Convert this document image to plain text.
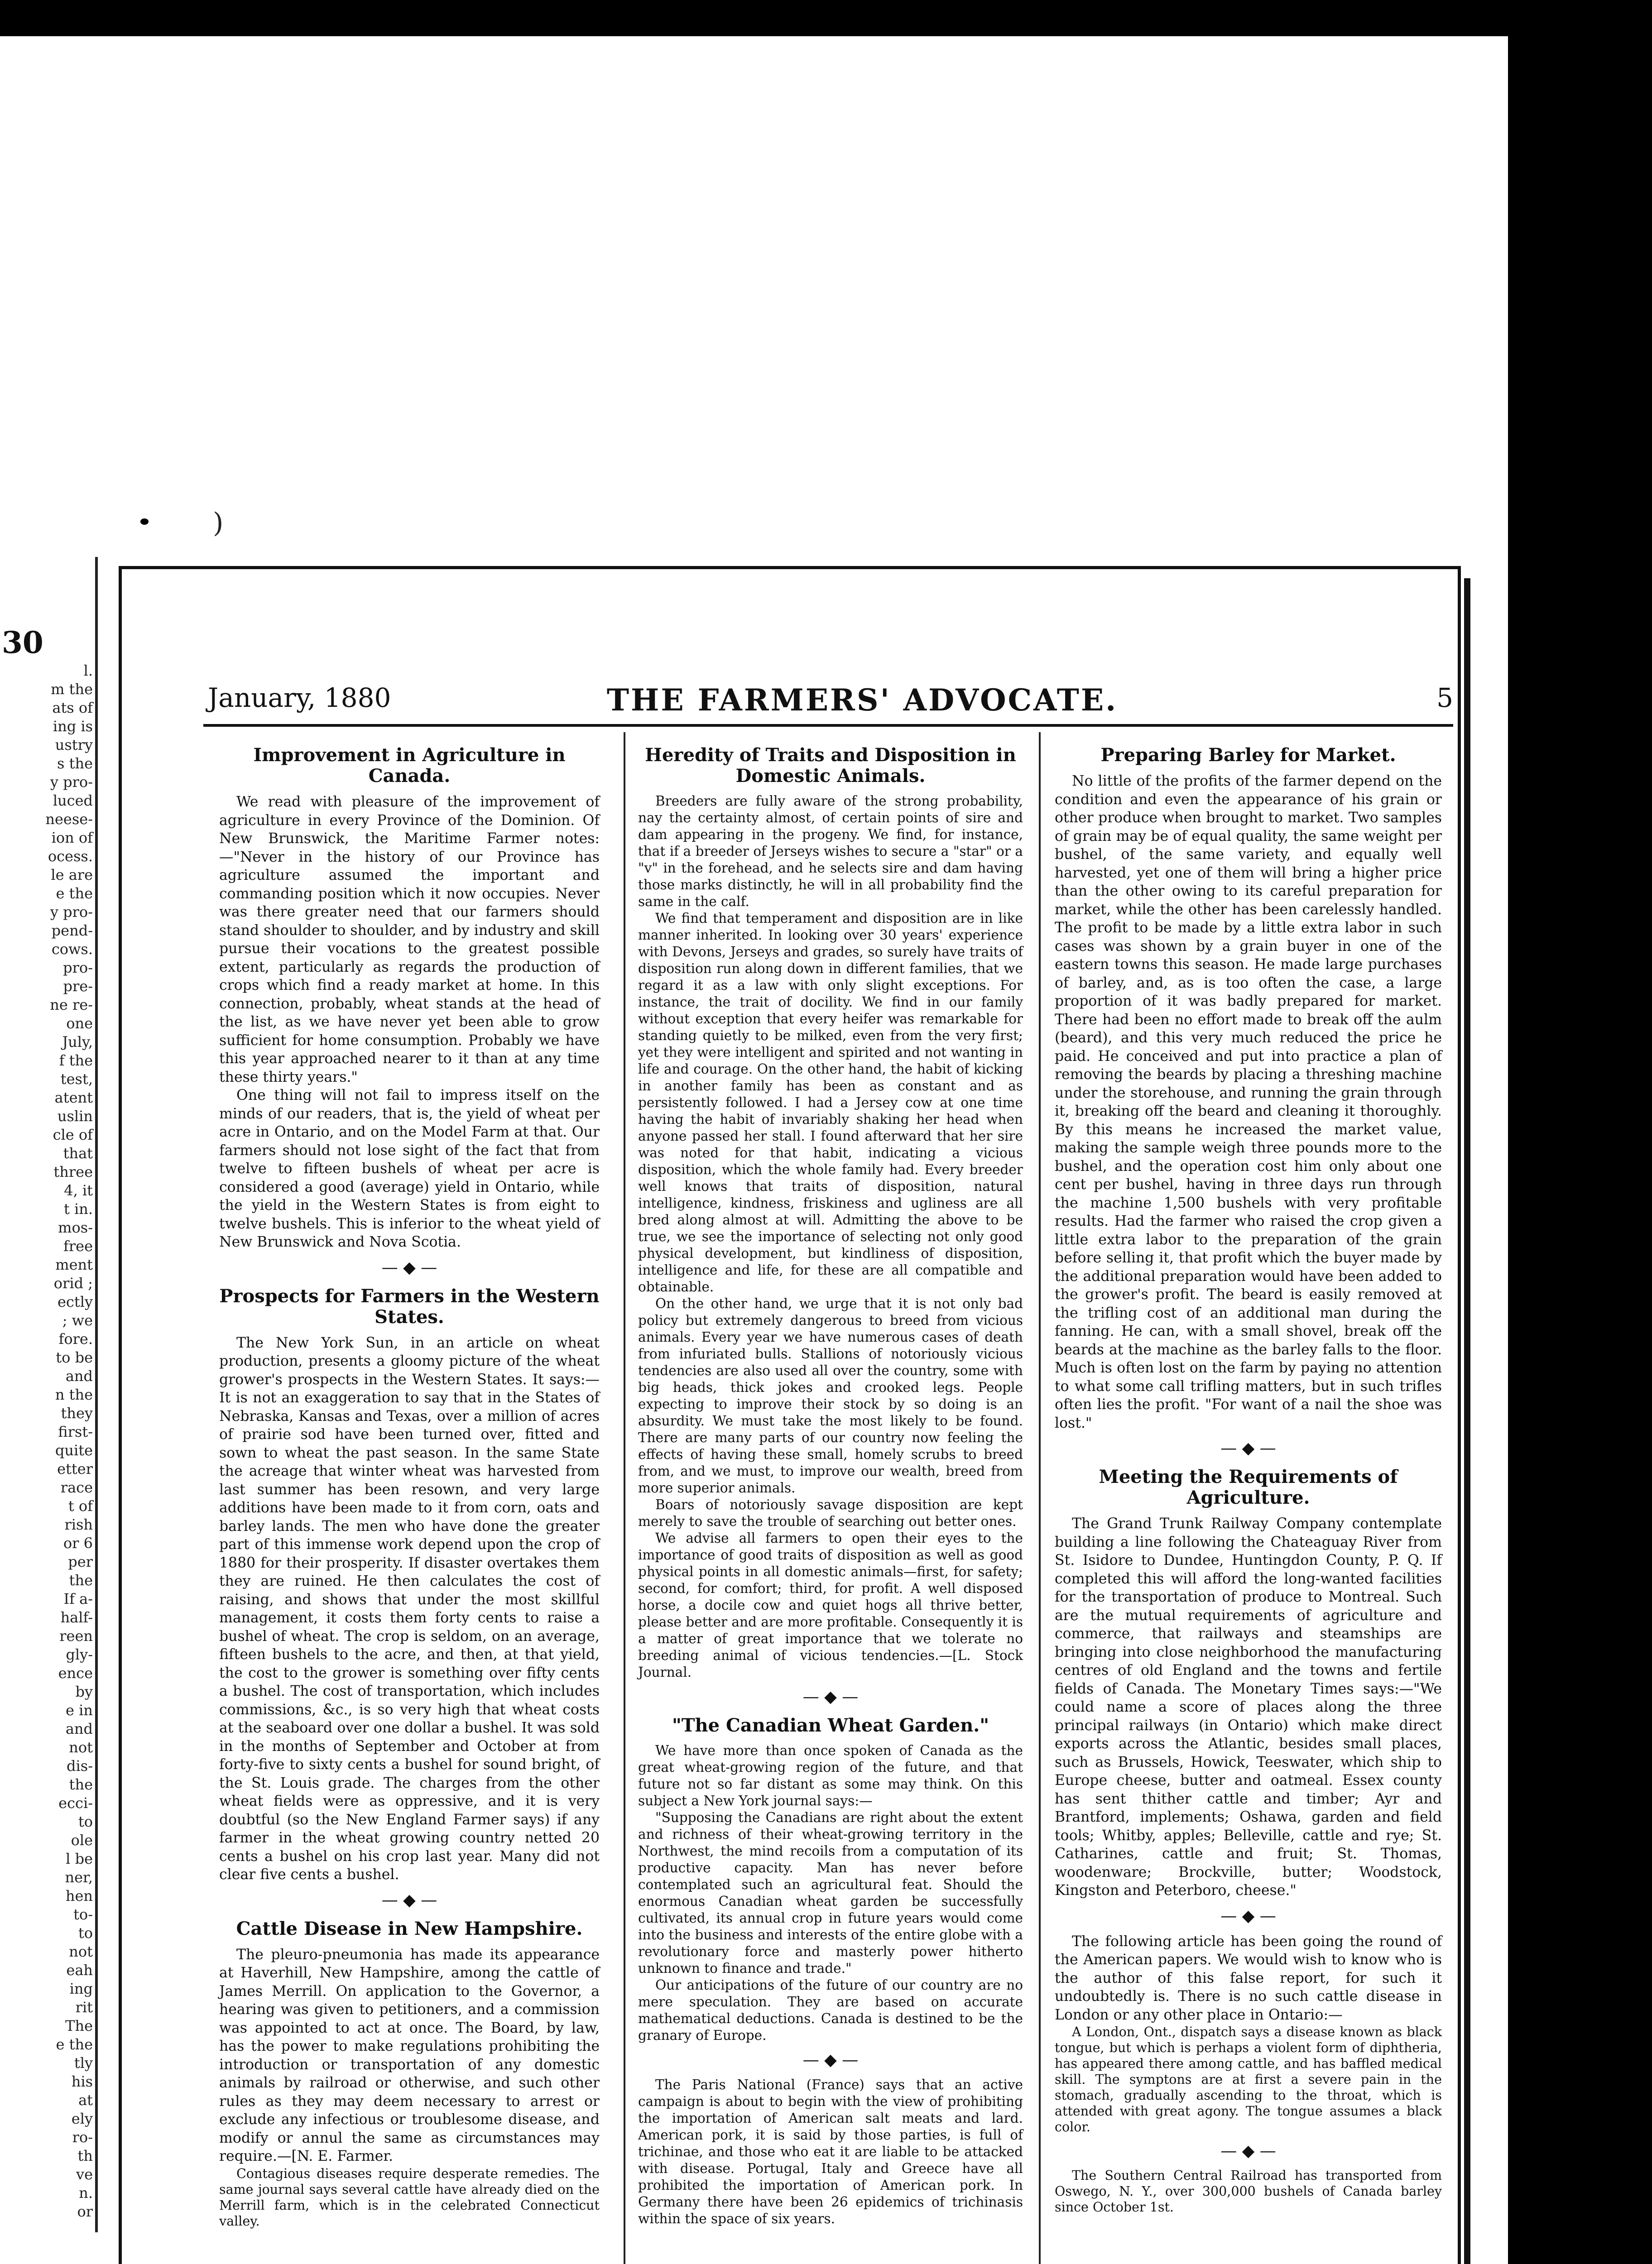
)
30
l.
m the
ats of
ing is
ustry
s the
y pro-
luced
neese-
ion of
ocess.
le are
e the
y pro-
pend-
cows.
pro-
pre-
ne re-
one
July,
f the
test,
atent
uslin
cle of
that
three
4, it
t in.
mos-
free
ment
orid ;
ectly
; we
fore.
to be
and
n the
they
first-
quite
etter
race
t of
rish
or 6
per
the
If a-
half-
reen
gly-
ence
by
e in
and
not
dis-
the
ecci-
to
ole
l be
ner,
hen
to-
to
not
eah
ing
rit
The
e the
tly
his
at
ely
ro-
th
ve
n.
or
January, 1880	THE FARMERS' ADVOCATE.	5
Improvement in Agriculture in Canada.

We read with pleasure of the improvement of agriculture in every Province of the Dominion. Of New Brunswick, the Maritime Farmer notes:—"Never in the history of our Province has agriculture assumed the important and commanding position which it now occupies. Never was there greater need that our farmers should stand shoulder to shoulder, and by industry and skill pursue their vocations to the greatest possible extent, particularly as regards the production of crops which find a ready market at home. In this connection, probably, wheat stands at the head of the list, as we have never yet been able to grow sufficient for home consumption. Probably we have this year approached nearer to it than at any time these thirty years."

One thing will not fail to impress itself on the minds of our readers, that is, the yield of wheat per acre in Ontario, and on the Model Farm at that. Our farmers should not lose sight of the fact that from twelve to fifteen bushels of wheat per acre is considered a good (average) yield in Ontario, while the yield in the Western States is from eight to twelve bushels. This is inferior to the wheat yield of New Brunswick and Nova Scotia.

— ◆ —
Prospects for Farmers in the Western States.

The New York Sun, in an article on wheat production, presents a gloomy picture of the wheat grower's prospects in the Western States. It says:—It is not an exaggeration to say that in the States of Nebraska, Kansas and Texas, over a million of acres of prairie sod have been turned over, fitted and sown to wheat the past season. In the same State the acreage that winter wheat was harvested from last summer has been resown, and very large additions have been made to it from corn, oats and barley lands. The men who have done the greater part of this immense work depend upon the crop of 1880 for their prosperity. If disaster overtakes them they are ruined. He then calculates the cost of raising, and shows that under the most skillful management, it costs them forty cents to raise a bushel of wheat. The crop is seldom, on an average, fifteen bushels to the acre, and then, at that yield, the cost to the grower is something over fifty cents a bushel. The cost of transportation, which includes commissions, &c., is so very high that wheat costs at the seaboard over one dollar a bushel. It was sold in the months of September and October at from forty-five to sixty cents a bushel for sound bright, of the St. Louis grade. The charges from the other wheat fields were as oppressive, and it is very doubtful (so the New England Farmer says) if any farmer in the wheat growing country netted 20 cents a bushel on his crop last year. Many did not clear five cents a bushel.

— ◆ —
Cattle Disease in New Hampshire.

The pleuro-pneumonia has made its appearance at Haverhill, New Hampshire, among the cattle of James Merrill. On application to the Governor, a hearing was given to petitioners, and a commission was appointed to act at once. The Board, by law, has the power to make regulations prohibiting the introduction or transportation of any domestic animals by railroad or otherwise, and such other rules as they may deem necessary to arrest or exclude any infectious or troublesome disease, and modify or annul the same as circumstances may require.—[N. E. Farmer.

Contagious diseases require desperate remedies. The same journal says several cattle have already died on the Merrill farm, which is in the celebrated Connecticut valley.

Heredity of Traits and Disposition in Domestic Animals.

Breeders are fully aware of the strong probability, nay the certainty almost, of certain points of sire and dam appearing in the progeny. We find, for instance, that if a breeder of Jerseys wishes to secure a "star" or a "v" in the forehead, and he selects sire and dam having those marks distinctly, he will in all probability find the same in the calf.

We find that temperament and disposition are in like manner inherited. In looking over 30 years' experience with Devons, Jerseys and grades, so surely have traits of disposition run along down in different families, that we regard it as a law with only slight exceptions. For instance, the trait of docility. We find in our family without exception that every heifer was remarkable for standing quietly to be milked, even from the very first; yet they were intelligent and spirited and not wanting in life and courage. On the other hand, the habit of kicking in another family has been as constant and as persistently followed. I had a Jersey cow at one time having the habit of invariably shaking her head when anyone passed her stall. I found afterward that her sire was noted for that habit, indicating a vicious disposition, which the whole family had. Every breeder well knows that traits of disposition, natural intelligence, kindness, friskiness and ugliness are all bred along almost at will. Admitting the above to be true, we see the importance of selecting not only good physical development, but kindliness of disposition, intelligence and life, for these are all compatible and obtainable.

On the other hand, we urge that it is not only bad policy but extremely dangerous to breed from vicious animals. Every year we have numerous cases of death from infuriated bulls. Stallions of notoriously vicious tendencies are also used all over the country, some with big heads, thick jokes and crooked legs. People expecting to improve their stock by so doing is an absurdity. We must take the most likely to be found. There are many parts of our country now feeling the effects of having these small, homely scrubs to breed from, and we must, to improve our wealth, breed from more superior animals.

Boars of notoriously savage disposition are kept merely to save the trouble of searching out better ones.

We advise all farmers to open their eyes to the importance of good traits of disposition as well as good physical points in all domestic animals—first, for safety; second, for comfort; third, for profit. A well disposed horse, a docile cow and quiet hogs all thrive better, please better and are more profitable. Consequently it is a matter of great importance that we tolerate no breeding animal of vicious tendencies.—[L. Stock Journal.

— ◆ —
"The Canadian Wheat Garden."

We have more than once spoken of Canada as the great wheat-growing region of the future, and that future not so far distant as some may think. On this subject a New York journal says:—

"Supposing the Canadians are right about the extent and richness of their wheat-growing territory in the Northwest, the mind recoils from a computation of its productive capacity. Man has never before contemplated such an agricultural feat. Should the enormous Canadian wheat garden be successfully cultivated, its annual crop in future years would come into the business and interests of the entire globe with a revolutionary force and masterly power hitherto unknown to finance and trade."

Our anticipations of the future of our country are no mere speculation. They are based on accurate mathematical deductions. Canada is destined to be the granary of Europe.

— ◆ —

The Paris National (France) says that an active campaign is about to begin with the view of prohibiting the importation of American salt meats and lard. American pork, it is said by those parties, is full of trichinae, and those who eat it are liable to be attacked with disease. Portugal, Italy and Greece have all prohibited the importation of American pork. In Germany there have been 26 epidemics of trichinasis within the space of six years.

Preparing Barley for Market.

No little of the profits of the farmer depend on the condition and even the appearance of his grain or other produce when brought to market. Two samples of grain may be of equal quality, the same weight per bushel, of the same variety, and equally well harvested, yet one of them will bring a higher price than the other owing to its careful preparation for market, while the other has been carelessly handled. The profit to be made by a little extra labor in such cases was shown by a grain buyer in one of the eastern towns this season. He made large purchases of barley, and, as is too often the case, a large proportion of it was badly prepared for market. There had been no effort made to break off the aulm (beard), and this very much reduced the price he paid. He conceived and put into practice a plan of removing the beards by placing a threshing machine under the storehouse, and running the grain through it, breaking off the beard and cleaning it thoroughly. By this means he increased the market value, making the sample weigh three pounds more to the bushel, and the operation cost him only about one cent per bushel, having in three days run through the machine 1,500 bushels with very profitable results. Had the farmer who raised the crop given a little extra labor to the preparation of the grain before selling it, that profit which the buyer made by the additional preparation would have been added to the grower's profit. The beard is easily removed at the trifling cost of an additional man during the fanning. He can, with a small shovel, break off the beards at the machine as the barley falls to the floor. Much is often lost on the farm by paying no attention to what some call trifling matters, but in such trifles often lies the profit. "For want of a nail the shoe was lost."

— ◆ —
Meeting the Requirements of Agriculture.

The Grand Trunk Railway Company contemplate building a line following the Chateaguay River from St. Isidore to Dundee, Huntingdon County, P. Q. If completed this will afford the long-wanted facilities for the transportation of produce to Montreal. Such are the mutual requirements of agriculture and commerce, that railways and steamships are bringing into close neighborhood the manufacturing centres of old England and the towns and fertile fields of Canada. The Monetary Times says:—"We could name a score of places along the three principal railways (in Ontario) which make direct exports across the Atlantic, besides small places, such as Brussels, Howick, Teeswater, which ship to Europe cheese, butter and oatmeal. Essex county has sent thither cattle and timber; Ayr and Brantford, implements; Oshawa, garden and field tools; Whitby, apples; Belleville, cattle and rye; St. Catharines, cattle and fruit; St. Thomas, woodenware; Brockville, butter; Woodstock, Kingston and Peterboro, cheese."

— ◆ —

The following article has been going the round of the American papers. We would wish to know who is the author of this false report, for such it undoubtedly is. There is no such cattle disease in London or any other place in Ontario:—

A London, Ont., dispatch says a disease known as black tongue, but which is perhaps a violent form of diphtheria, has appeared there among cattle, and has baffled medical skill. The symptons are at first a severe pain in the stomach, gradually ascending to the throat, which is attended with great agony. The tongue assumes a black color.

— ◆ —

The Southern Central Railroad has transported from Oswego, N. Y., over 300,000 bushels of Canada barley since October 1st.
